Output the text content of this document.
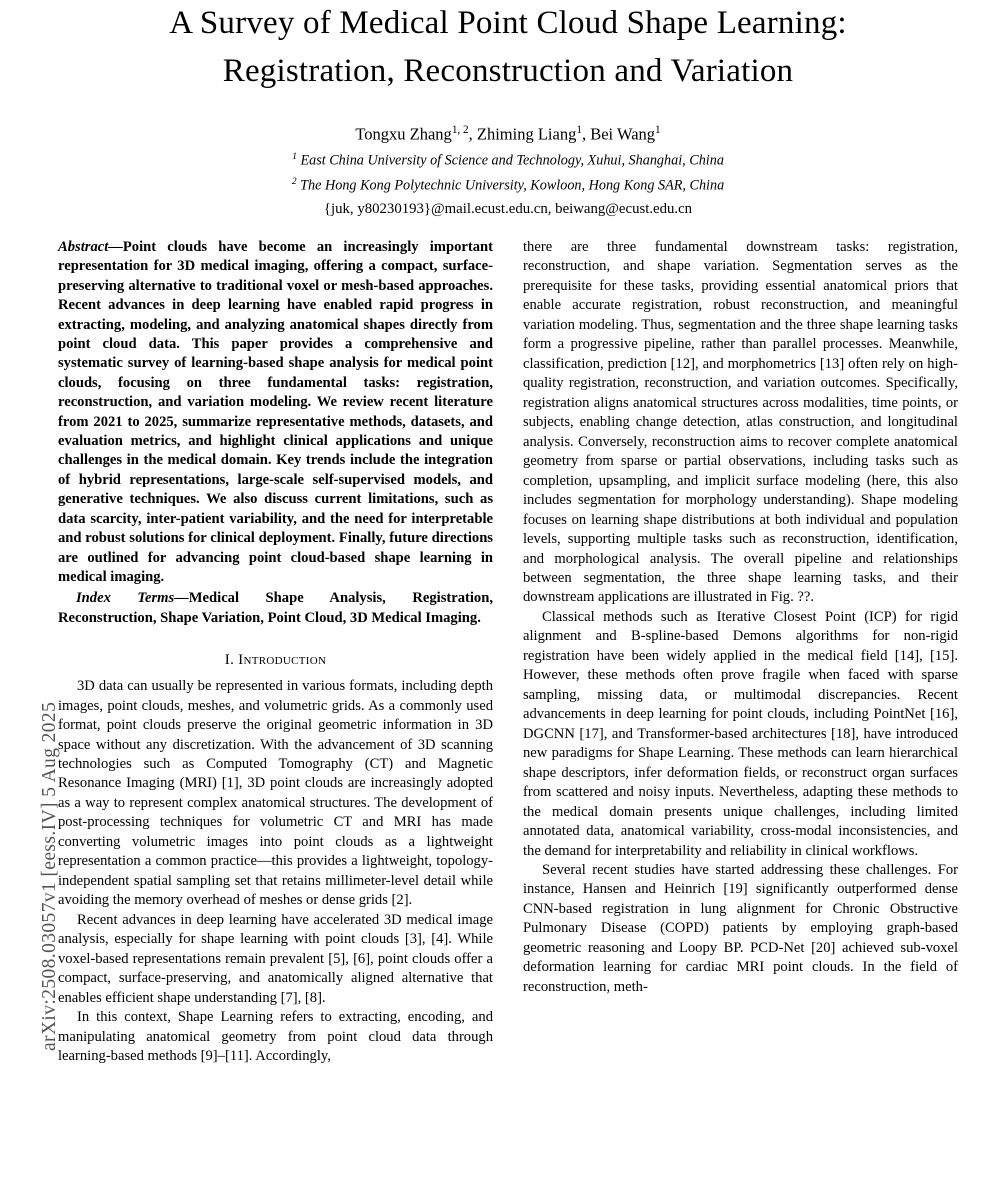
arXiv:2508.03057v1 [eess.IV] 5 Aug 2025
A Survey of Medical Point Cloud Shape Learning:
Registration, Reconstruction and Variation
Tongxu Zhang$^{1, 2}$, Zhiming Liang$^1$, Bei Wang$^1$
$^1$ East China University of Science and Technology, Xuhui, Shanghai, China
$^2$ The Hong Kong Polytechnic University, Kowloon, Hong Kong SAR, China
{juk, y80230193}@mail.ecust.edu.cn, beiwang@ecust.edu.cn
Abstract—Point clouds have become an increasingly important representation for 3D medical imaging, offering a compact, surface-preserving alternative to traditional voxel or mesh-based approaches. Recent advances in deep learning have enabled rapid progress in extracting, modeling, and analyzing anatomical shapes directly from point cloud data. This paper provides a comprehensive and systematic survey of learning-based shape analysis for medical point clouds, focusing on three fundamental tasks: registration, reconstruction, and variation modeling. We review recent literature from 2021 to 2025, summarize representative methods, datasets, and evaluation metrics, and highlight clinical applications and unique challenges in the medical domain. Key trends include the integration of hybrid representations, large-scale self-supervised models, and generative techniques. We also discuss current limitations, such as data scarcity, inter-patient variability, and the need for interpretable and robust solutions for clinical deployment. Finally, future directions are outlined for advancing point cloud-based shape learning in medical imaging.
Index Terms—Medical Shape Analysis, Registration, Reconstruction, Shape Variation, Point Cloud, 3D Medical Imaging.
I. Introduction

3D data can usually be represented in various formats, including depth images, point clouds, meshes, and volumetric grids. As a commonly used format, point clouds preserve the original geometric information in 3D space without any discretization. With the advancement of 3D scanning technologies such as Computed Tomography (CT) and Magnetic Resonance Imaging (MRI) [1], 3D point clouds are increasingly adopted as a way to represent complex anatomical structures. The development of post-processing techniques for volumetric CT and MRI has made converting volumetric images into point clouds as a lightweight representation a common practice—this provides a lightweight, topology-independent spatial sampling set that retains millimeter-level detail while avoiding the memory overhead of meshes or dense grids [2].

Recent advances in deep learning have accelerated 3D medical image analysis, especially for shape learning with point clouds [3], [4]. While voxel-based representations remain prevalent [5], [6], point clouds offer a compact, surface-preserving, and anatomically aligned alternative that enables efficient shape understanding [7], [8].

In this context, Shape Learning refers to extracting, encoding, and manipulating anatomical geometry from point cloud data through learning-based methods [9]–[11]. Accordingly,

there are three fundamental downstream tasks: registration, reconstruction, and shape variation. Segmentation serves as the prerequisite for these tasks, providing essential anatomical priors that enable accurate registration, robust reconstruction, and meaningful variation modeling. Thus, segmentation and the three shape learning tasks form a progressive pipeline, rather than parallel processes. Meanwhile, classification, prediction [12], and morphometrics [13] often rely on high-quality registration, reconstruction, and variation outcomes. Specifically, registration aligns anatomical structures across modalities, time points, or subjects, enabling change detection, atlas construction, and longitudinal analysis. Conversely, reconstruction aims to recover complete anatomical geometry from sparse or partial observations, including tasks such as completion, upsampling, and implicit surface modeling (here, this also includes segmentation for morphology understanding). Shape modeling focuses on learning shape distributions at both individual and population levels, supporting multiple tasks such as reconstruction, identification, and morphological analysis. The overall pipeline and relationships between segmentation, the three shape learning tasks, and their downstream applications are illustrated in Fig. ??.

Classical methods such as Iterative Closest Point (ICP) for rigid alignment and B-spline-based Demons algorithms for non-rigid registration have been widely applied in the medical field [14], [15]. However, these methods often prove fragile when faced with sparse sampling, missing data, or multimodal discrepancies. Recent advancements in deep learning for point clouds, including PointNet [16], DGCNN [17], and Transformer-based architectures [18], have introduced new paradigms for Shape Learning. These methods can learn hierarchical shape descriptors, infer deformation fields, or reconstruct organ surfaces from scattered and noisy inputs. Nevertheless, adapting these methods to the medical domain presents unique challenges, including limited annotated data, anatomical variability, cross-modal inconsistencies, and the demand for interpretability and reliability in clinical workflows.

Several recent studies have started addressing these challenges. For instance, Hansen and Heinrich [19] significantly outperformed dense CNN-based registration in lung alignment for Chronic Obstructive Pulmonary Disease (COPD) patients by employing graph-based geometric reasoning and Loopy BP. PCD-Net [20] achieved sub-voxel deformation learning for cardiac MRI point clouds. In the field of reconstruction, meth-
